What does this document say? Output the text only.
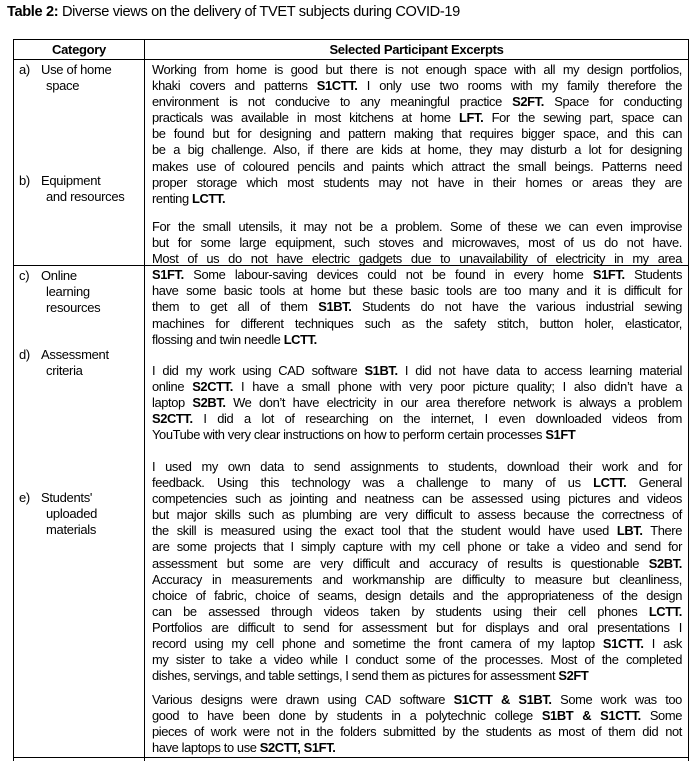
Table 2: Diverse views on the delivery of TVET subjects during COVID-19
Category	Selected Participant Excerpts
a) Use of home
space
b) Equipment
and resources
c) Online
learning
resources
d) Assessment
criteria
e) Students'
uploaded
materials
Working from home is good but there is not enough space with all my design portfolios,
khaki covers and patterns S1CTT. I only use two rooms with my family therefore the
environment is not conducive to any meaningful practice S2FT. Space for conducting
practicals was available in most kitchens at home LFT. For the sewing part, space can
be found but for designing and pattern making that requires bigger space, and this can
be a big challenge. Also, if there are kids at home, they may disturb a lot for designing
makes use of coloured pencils and paints which attract the small beings. Patterns need
proper storage which most students may not have in their homes or areas they are
renting LCTT.
For the small utensils, it may not be a problem. Some of these we can even improvise
but for some large equipment, such stoves and microwaves, most of us do not have.
Most of us do not have electric gadgets due to unavailability of electricity in my area
S1FT. Some labour-saving devices could not be found in every home S1FT. Students
have some basic tools at home but these basic tools are too many and it is difficult for
them to get all of them S1BT. Students do not have the various industrial sewing
machines for different techniques such as the safety stitch, button holer, elasticator,
flossing and twin needle LCTT.
I did my work using CAD software S1BT. I did not have data to access learning material
online S2CTT. I have a small phone with very poor picture quality; I also didn’t have a
laptop S2BT. We don’t have electricity in our area therefore network is always a problem
S2CTT. I did a lot of researching on the internet, I even downloaded videos from
YouTube with very clear instructions on how to perform certain processes S1FT
I used my own data to send assignments to students, download their work and for
feedback. Using this technology was a challenge to many of us LCTT. General
competencies such as jointing and neatness can be assessed using pictures and videos
but major skills such as plumbing are very difficult to assess because the correctness of
the skill is measured using the exact tool that the student would have used LBT. There
are some projects that I simply capture with my cell phone or take a video and send for
assessment but some are very difficult and accuracy of results is questionable S2BT.
Accuracy in measurements and workmanship are difficulty to measure but cleanliness,
choice of fabric, choice of seams, design details and the appropriateness of the design
can be assessed through videos taken by students using their cell phones LCTT.
Portfolios are difficult to send for assessment but for displays and oral presentations I
record using my cell phone and sometime the front camera of my laptop S1CTT. I ask
my sister to take a video while I conduct some of the processes. Most of the completed
dishes, servings, and table settings, I send them as pictures for assessment S2FT
Various designs were drawn using CAD software S1CTT & S1BT. Some work was too
good to have been done by students in a polytechnic college S1BT & S1CTT. Some
pieces of work were not in the folders submitted by the students as most of them did not
have laptops to use S2CTT, S1FT.
